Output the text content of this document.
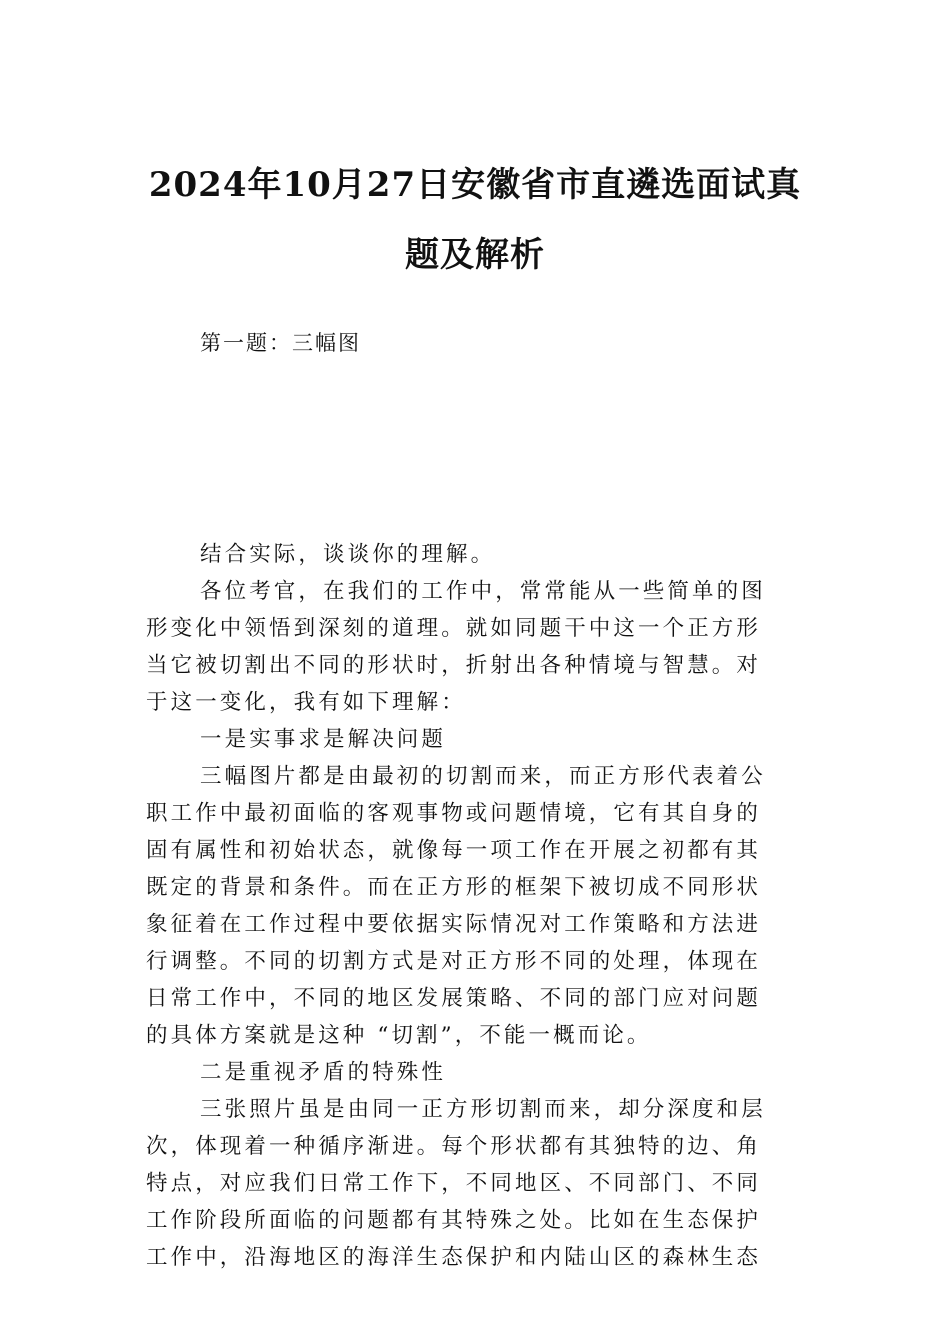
2024年10月27日安徽省市直遴选面试真
题及解析
第一题：三幅图
结合实际，谈谈你的理解。
各位考官，在我们的工作中，常常能从一些简单的图
形变化中领悟到深刻的道理。就如同题干中这一个正方形
当它被切割出不同的形状时，折射出各种情境与智慧。对
于这一变化，我有如下理解：
一是实事求是解决问题
三幅图片都是由最初的切割而来，而正方形代表着公
职工作中最初面临的客观事物或问题情境，它有其自身的
固有属性和初始状态，就像每一项工作在开展之初都有其
既定的背景和条件。而在正方形的框架下被切成不同形状
象征着在工作过程中要依据实际情况对工作策略和方法进
行调整。不同的切割方式是对正方形不同的处理，体现在
日常工作中，不同的地区发展策略、不同的部门应对问题
的具体方案就是这种 “切割”，不能一概而论。
二是重视矛盾的特殊性
三张照片虽是由同一正方形切割而来，却分深度和层
次，体现着一种循序渐进。每个形状都有其独特的边、角
特点，对应我们日常工作下，不同地区、不同部门、不同
工作阶段所面临的问题都有其特殊之处。比如在生态保护
工作中，沿海地区的海洋生态保护和内陆山区的森林生态
